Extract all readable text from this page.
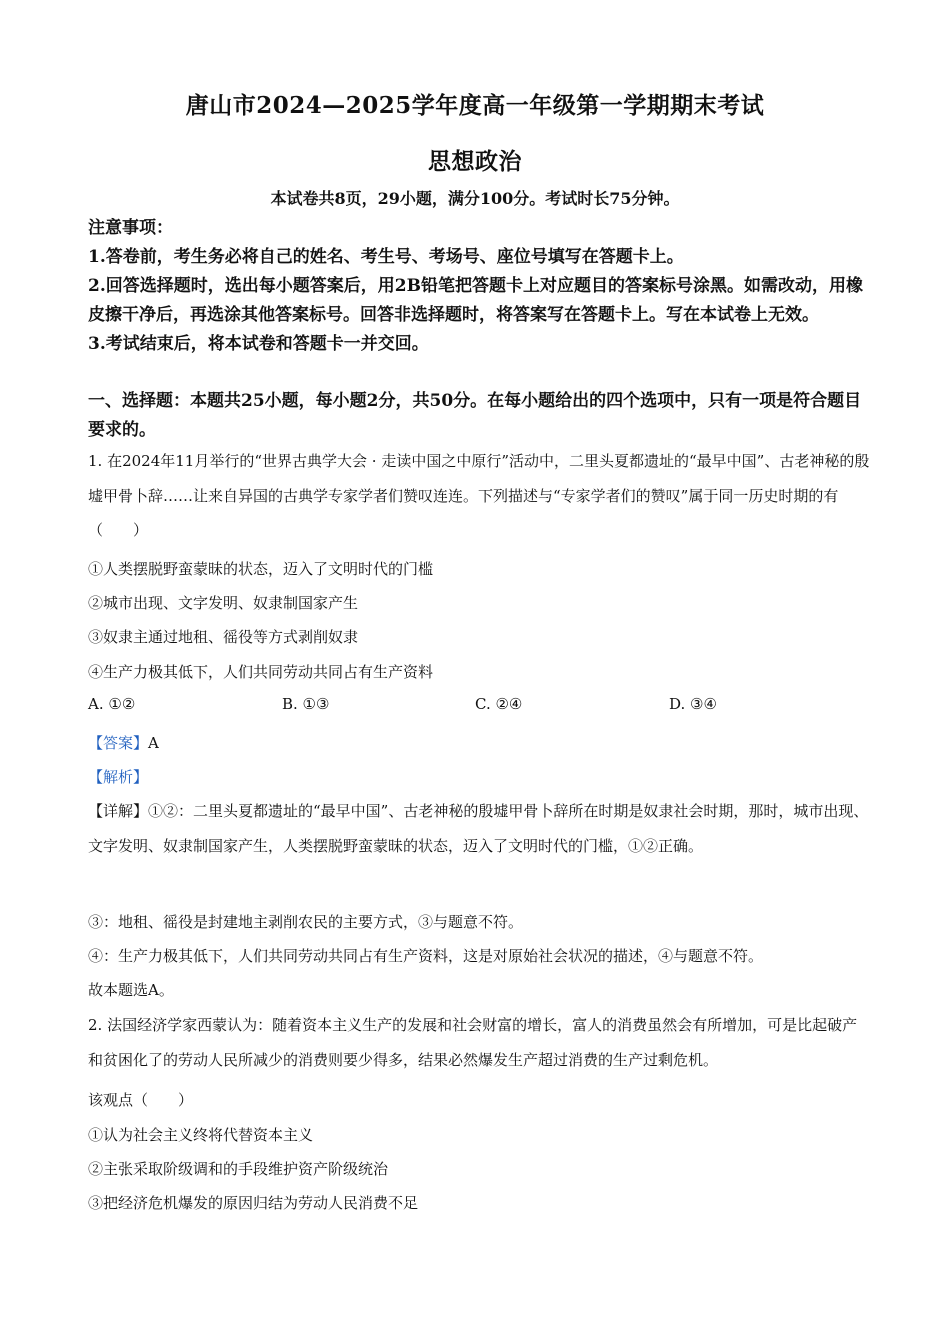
唐山市2024—2025学年度高一年级第一学期期末考试
思想政治
本试卷共8页，29小题，满分100分。考试时长75分钟。
注意事项：
1.答卷前，考生务必将自己的姓名、考生号、考场号、座位号填写在答题卡上。
2.回答选择题时，选出每小题答案后，用2B铅笔把答题卡上对应题目的答案标号涂黑。如需改动，用橡皮擦干净后，再选涂其他答案标号。回答非选择题时，将答案写在答题卡上。写在本试卷上无效。
3.考试结束后，将本试卷和答题卡一并交回。
一、选择题：本题共25小题，每小题2分，共50分。在每小题给出的四个选项中，只有一项是符合题目要求的。
1. 在2024年11月举行的“世界古典学大会 · 走读中国之中原行”活动中，二里头夏都遗址的“最早中国”、古老神秘的殷墟甲骨卜辞……让来自异国的古典学专家学者们赞叹连连。下列描述与“专家学者们的赞叹”属于同一历史时期的有（　　）
①人类摆脱野蛮蒙昧的状态，迈入了文明时代的门槛
②城市出现、文字发明、奴隶制国家产生
③奴隶主通过地租、徭役等方式剥削奴隶
④生产力极其低下，人们共同劳动共同占有生产资料
A. ①②	B. ①③	C. ②④	D. ③④
【答案】A
【解析】
【详解】①②：二里头夏都遗址的“最早中国”、古老神秘的殷墟甲骨卜辞所在时期是奴隶社会时期，那时，城市出现、文字发明、奴隶制国家产生，人类摆脱野蛮蒙昧的状态，迈入了文明时代的门槛，①②正确。
③：地租、徭役是封建地主剥削农民的主要方式，③与题意不符。
④：生产力极其低下，人们共同劳动共同占有生产资料，这是对原始社会状况的描述，④与题意不符。
故本题选A。
2. 法国经济学家西蒙认为：随着资本主义生产的发展和社会财富的增长，富人的消费虽然会有所增加，可是比起破产和贫困化了的劳动人民所减少的消费则要少得多，结果必然爆发生产超过消费的生产过剩危机。
该观点（　　）
①认为社会主义终将代替资本主义
②主张采取阶级调和的手段维护资产阶级统治
③把经济危机爆发的原因归结为劳动人民消费不足
